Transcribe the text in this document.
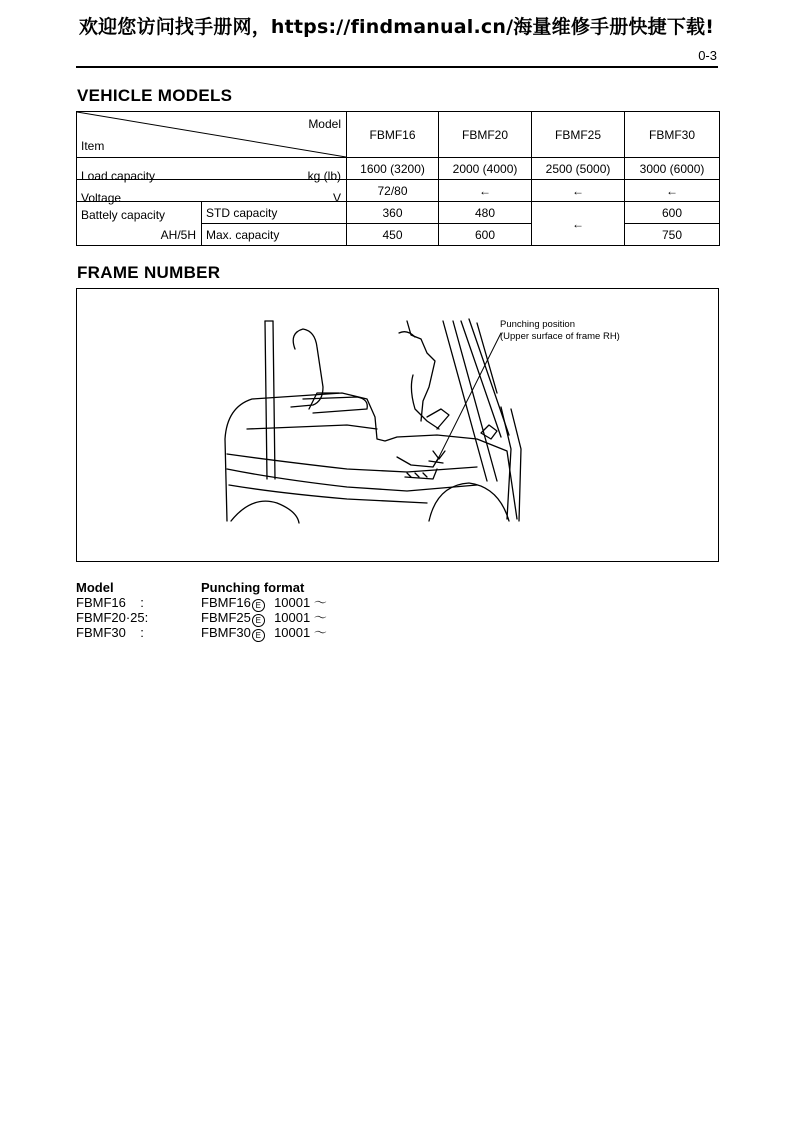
欢迎您访问找手册网，https://findmanual.cn/海量维修手册快捷下载!
0-3
VEHICLE MODELS
Model
Item		FBMF16	FBMF20	FBMF25	FBMF30

Load capacity kg (lb)		1600 (3200)	2000 (4000)	2500 (5000)	3000 (6000)

Voltage V		72/80	←	←	←

Battely capacity
AH/5H	STD capacity	360	480	←	600
	Max. capacity	450	600		750
FRAME NUMBER
Punching position
(Upper surface of frame RH)
Model	Punching format
FBMF16    :	FBMF16 E 10001 ～
FBMF20·25:	FBMF25 E 10001 ～
FBMF30    :	FBMF30 E 10001 ～
